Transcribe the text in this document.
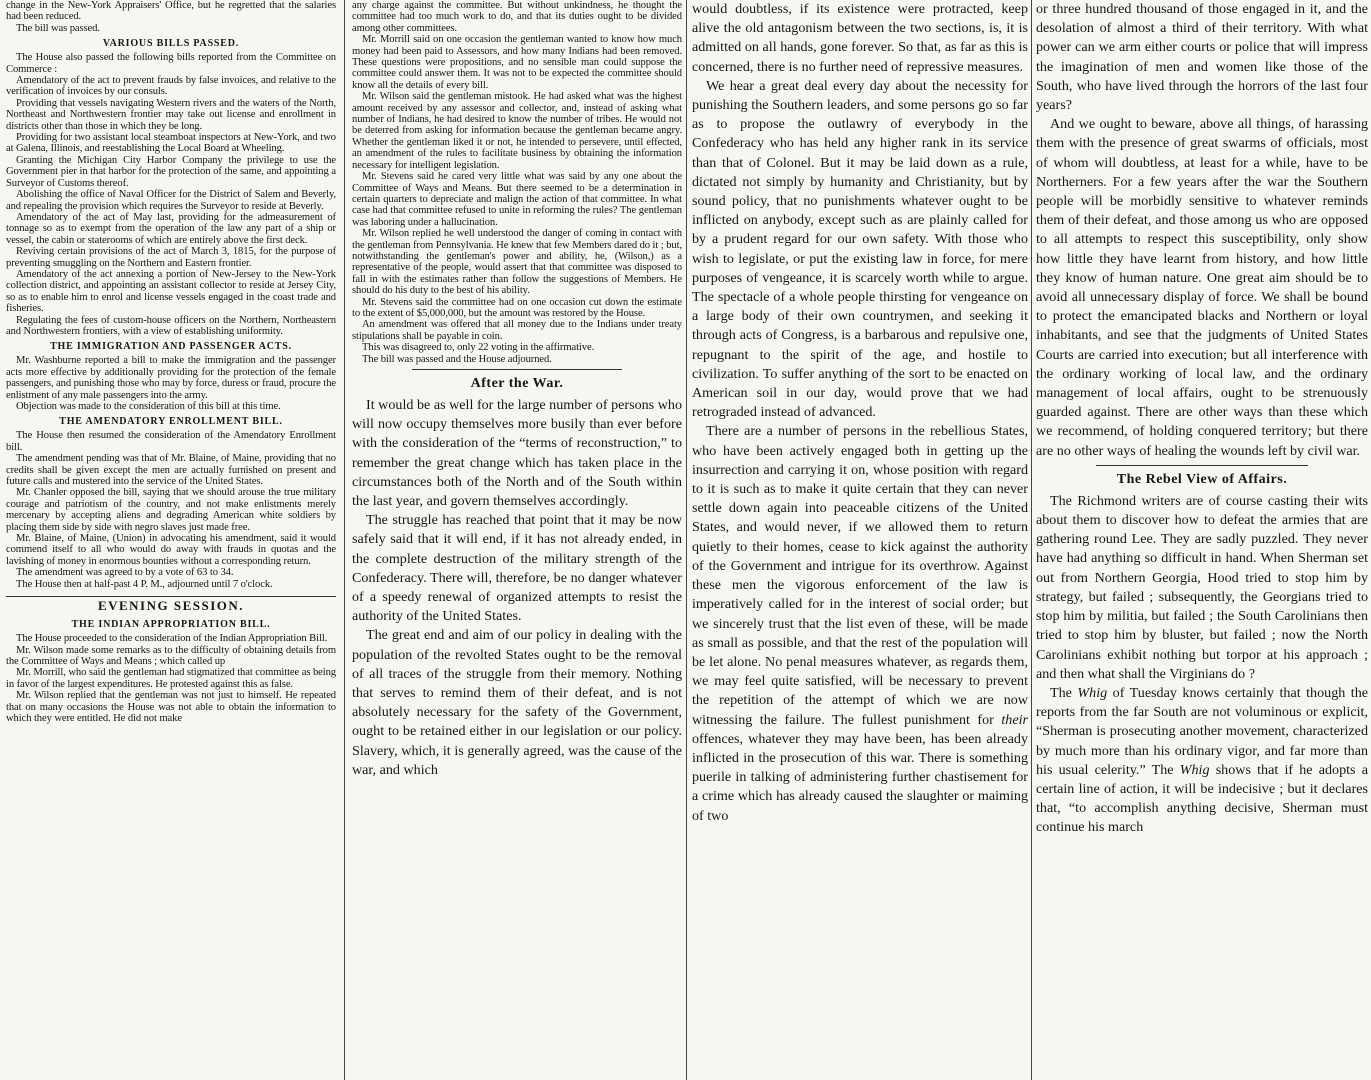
change in the New-York Appraisers' Office, but he regretted that the salaries had been reduced.

The bill was passed.

VARIOUS BILLS PASSED.

The House also passed the following bills reported from the Committee on Commerce :

Amendatory of the act to prevent frauds by false invoices, and relative to the verification of invoices by our consuls.

Providing that vessels navigating Western rivers and the waters of the North, Northeast and Northwestern frontier may take out license and enrollment in districts other than those in which they be long.

Providing for two assistant local steamboat inspectors at New-York, and two at Galena, Illinois, and reestablishing the Local Board at Wheeling.

Granting the Michigan City Harbor Company the privilege to use the Government pier in that harbor for the protection of the same, and appointing a Surveyor of Customs thereof.

Abolishing the office of Naval Officer for the District of Salem and Beverly, and repealing the provision which requires the Surveyor to reside at Beverly.

Amendatory of the act of May last, providing for the admeasurement of tonnage so as to exempt from the operation of the law any part of a ship or vessel, the cabin or staterooms of which are entirely above the first deck.

Reviving certain provisions of the act of March 3, 1815, for the purpose of preventing smuggling on the Northern and Eastern frontier.

Amendatory of the act annexing a portion of New-Jersey to the New-York collection district, and appointing an assistant collector to reside at Jersey City, so as to enable him to enrol and license vessels engaged in the coast trade and fisheries.

Regulating the fees of custom-house officers on the Northern, Northeastern and Northwestern frontiers, with a view of establishing uniformity.

THE IMMIGRATION AND PASSENGER ACTS.

Mr. Washburne reported a bill to make the immigration and the passenger acts more effective by additionally providing for the protection of the female passengers, and punishing those who may by force, duress or fraud, procure the enlistment of any male passengers into the army.

Objection was made to the consideration of this bill at this time.

THE AMENDATORY ENROLLMENT BILL.

The House then resumed the consideration of the Amendatory Enrollment bill.

The amendment pending was that of Mr. Blaine, of Maine, providing that no credits shall be given except the men are actually furnished on present and future calls and mustered into the service of the United States.

Mr. Chanler opposed the bill, saying that we should arouse the true military courage and patriotism of the country, and not make enlistments merely mercenary by accepting aliens and degrading American white soldiers by placing them side by side with negro slaves just made free.

Mr. Blaine, of Maine, (Union) in advocating his amendment, said it would commend itself to all who would do away with frauds in quotas and the lavishing of money in enormous bounties without a corresponding return.

The amendment was agreed to by a vote of 63 to 34.

The House then at half-past 4 P. M., adjourned until 7 o'clock.

EVENING SESSION.
THE INDIAN APPROPRIATION BILL.

The House proceeded to the consideration of the Indian Appropriation Bill.

Mr. Wilson made some remarks as to the difficulty of obtaining details from the Committee of Ways and Means ; which called up

Mr. Morrill, who said the gentleman had stigmatized that committee as being in favor of the largest expenditures. He protested against this as false.

Mr. Wilson replied that the gentleman was not just to himself. He repeated that on many occasions the House was not able to obtain the information to which they were entitled. He did not make

any charge against the committee. But without unkindness, he thought the committee had too much work to do, and that its duties ought to be divided among other committees.

Mr. Morrill said on one occasion the gentleman wanted to know how much money had been paid to Assessors, and how many Indians had been removed. These questions were propositions, and no sensible man could suppose the committee could answer them. It was not to be expected the committee should know all the details of every bill.

Mr. Wilson said the gentleman mistook. He had asked what was the highest amount received by any assessor and collector, and, instead of asking what number of Indians, he had desired to know the number of tribes. He would not be deterred from asking for information because the gentleman became angry. Whether the gentleman liked it or not, he intended to persevere, until effected, an amendment of the rules to facilitate business by obtaining the information necessary for intelligent legislation.

Mr. Stevens said he cared very little what was said by any one about the Committee of Ways and Means. But there seemed to be a determination in certain quarters to depreciate and malign the action of that committee. In what case had that committee refused to unite in reforming the rules? The gentleman was laboring under a hallucination.

Mr. Wilson replied he well understood the danger of coming in contact with the gentleman from Pennsylvania. He knew that few Members dared do it ; but, notwithstanding the gentleman's power and ability, he, (Wilson,) as a representative of the people, would assert that that committee was disposed to fall in with the estimates rather than follow the suggestions of Members. He should do his duty to the best of his ability.

Mr. Stevens said the committee had on one occasion cut down the estimate to the extent of $5,000,000, but the amount was restored by the House.

An amendment was offered that all money due to the Indians under treaty stipulations shall be payable in coin.

This was disagreed to, only 22 voting in the affirmative.

The bill was passed and the House adjourned.

After the War.

It would be as well for the large number of persons who will now occupy themselves more busily than ever before with the consideration of the “terms of reconstruction,” to remember the great change which has taken place in the circumstances both of the North and of the South within the last year, and govern themselves accordingly.

The struggle has reached that point that it may be now safely said that it will end, if it has not already ended, in the complete destruction of the military strength of the Confederacy. There will, therefore, be no danger whatever of a speedy renewal of organized attempts to resist the authority of the United States.

The great end and aim of our policy in dealing with the population of the revolted States ought to be the removal of all traces of the struggle from their memory. Nothing that serves to remind them of their defeat, and is not absolutely necessary for the safety of the Government, ought to be retained either in our legislation or our policy. Slavery, which, it is generally agreed, was the cause of the war, and which

would doubtless, if its existence were protracted, keep alive the old antagonism between the two sections, is, it is admitted on all hands, gone forever. So that, as far as this is concerned, there is no further need of repressive measures.

We hear a great deal every day about the necessity for punishing the Southern leaders, and some persons go so far as to propose the outlawry of everybody in the Confederacy who has held any higher rank in its service than that of Colonel. But it may be laid down as a rule, dictated not simply by humanity and Christianity, but by sound policy, that no punishments whatever ought to be inflicted on anybody, except such as are plainly called for by a prudent regard for our own safety. With those who wish to legislate, or put the existing law in force, for mere purposes of vengeance, it is scarcely worth while to argue. The spectacle of a whole people thirsting for vengeance on a large body of their own countrymen, and seeking it through acts of Congress, is a barbarous and repulsive one, repugnant to the spirit of the age, and hostile to civilization. To suffer anything of the sort to be enacted on American soil in our day, would prove that we had retrograded instead of advanced.

There are a number of persons in the rebellious States, who have been actively engaged both in getting up the insurrection and carrying it on, whose position with regard to it is such as to make it quite certain that they can never settle down again into peaceable citizens of the United States, and would never, if we allowed them to return quietly to their homes, cease to kick against the authority of the Government and intrigue for its overthrow. Against these men the vigorous enforcement of the law is imperatively called for in the interest of social order; but we sincerely trust that the list even of these, will be made as small as possible, and that the rest of the population will be let alone. No penal measures whatever, as regards them, we may feel quite satisfied, will be necessary to prevent the repetition of the attempt of which we are now witnessing the failure. The fullest punishment for their offences, whatever they may have been, has been already inflicted in the prosecution of this war. There is something puerile in talking of administering further chastisement for a crime which has already caused the slaughter or maiming of two

or three hundred thousand of those engaged in it, and the desolation of almost a third of their territory. With what power can we arm either courts or police that will impress the imagination of men and women like those of the South, who have lived through the horrors of the last four years?

And we ought to beware, above all things, of harassing them with the presence of great swarms of officials, most of whom will doubtless, at least for a while, have to be Northerners. For a few years after the war the Southern people will be morbidly sensitive to whatever reminds them of their defeat, and those among us who are opposed to all attempts to respect this susceptibility, only show how little they have learnt from history, and how little they know of human nature. One great aim should be to avoid all unnecessary display of force. We shall be bound to protect the emancipated blacks and Northern or loyal inhabitants, and see that the judgments of United States Courts are carried into execution; but all interference with the ordinary working of local law, and the ordinary management of local affairs, ought to be strenuously guarded against. There are other ways than these which we recommend, of holding conquered territory; but there are no other ways of healing the wounds left by civil war.

The Rebel View of Affairs.

The Richmond writers are of course casting their wits about them to discover how to defeat the armies that are gathering round Lee. They are sadly puzzled. They never have had anything so difficult in hand. When Sherman set out from Northern Georgia, Hood tried to stop him by strategy, but failed ; subsequently, the Georgians tried to stop him by militia, but failed ; the South Carolinians then tried to stop him by bluster, but failed ; now the North Carolinians exhibit nothing but torpor at his approach ; and then what shall the Virginians do ?

The Whig of Tuesday knows certainly that though the reports from the far South are not voluminous or explicit, “Sherman is prosecuting another movement, characterized by much more than his ordinary vigor, and far more than his usual celerity.” The Whig shows that if he adopts a certain line of action, it will be indecisive ; but it declares that, “to accomplish anything decisive, Sherman must continue his march
